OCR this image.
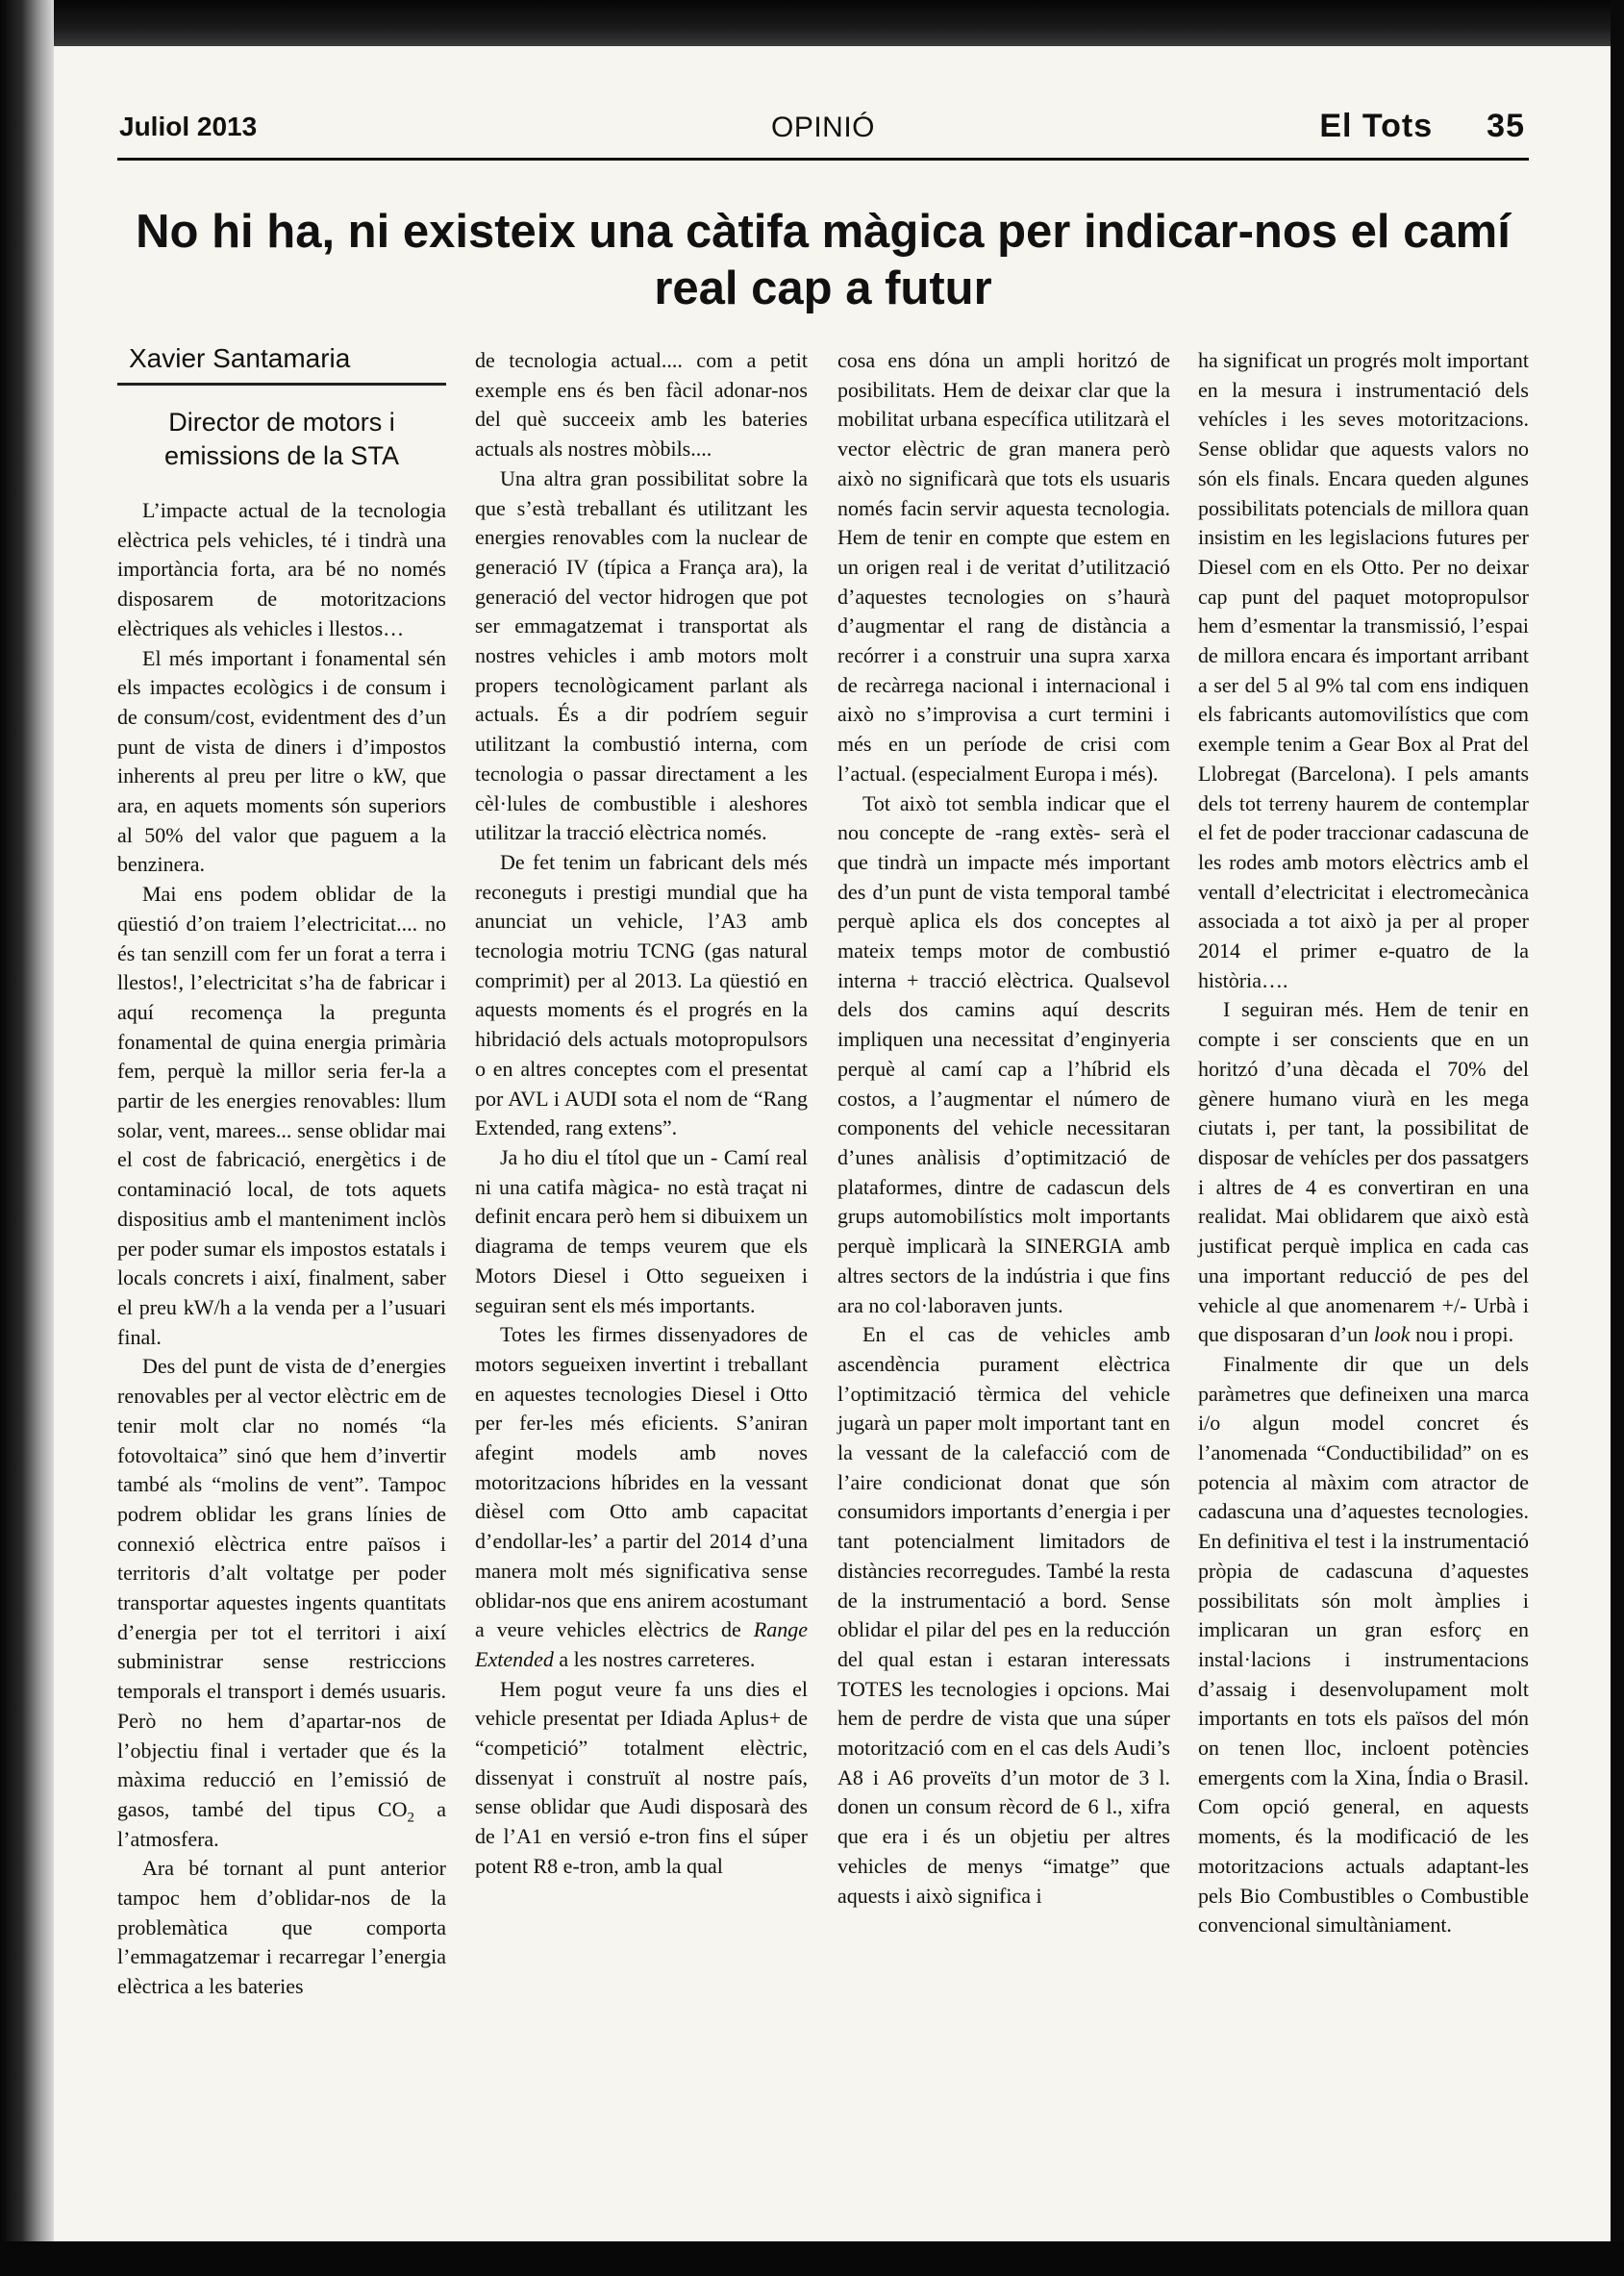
Juliol 2013	OPINIÓ	El Tots 35
No hi ha, ni existeix una càtifa màgica per indicar-nos el camí real cap a futur
Xavier Santamaria
Director de motors i emissions de la STA

L’impacte actual de la tecnologia elèctrica pels vehicles, té i tindrà una importància forta, ara bé no només disposarem de motoritzacions elèctriques als vehicles i llestos…

El més important i fonamental sén els impactes ecològics i de consum i de consum/cost, evidentment des d’un punt de vista de diners i d’impostos inherents al preu per litre o kW, que ara, en aquets moments són superiors al 50% del valor que paguem a la benzinera.

Mai ens podem oblidar de la qüestió d’on traiem l’electricitat.... no és tan senzill com fer un forat a terra i llestos!, l’electricitat s’ha de fabricar i aquí recomença la pregunta fonamental de quina energia primària fem, perquè la millor seria fer-la a partir de les energies renovables: llum solar, vent, marees... sense oblidar mai el cost de fabricació, energètics i de contaminació local, de tots aquets dispositius amb el manteniment inclòs per poder sumar els impostos estatals i locals concrets i així, finalment, saber el preu kW/h a la venda per a l’usuari final.

Des del punt de vista de d’energies renovables per al vector elèctric em de tenir molt clar no només “la fotovoltaica” sinó que hem d’invertir també als “molins de vent”. Tampoc podrem oblidar les grans línies de connexió elèctrica entre països i territoris d’alt voltatge per poder transportar aquestes ingents quantitats d’energia per tot el territori i així subministrar sense restriccions temporals el transport i demés usuaris. Però no hem d’apartar-nos de l’objectiu final i vertader que és la màxima reducció en l’emissió de gasos, també del tipus $CO_2$ a l’atmosfera.

Ara bé tornant al punt anterior tampoc hem d’oblidar-nos de la problemàtica que comporta l’emmagatzemar i recarregar l’energia elèctrica a les bateries

de tecnologia actual.... com a petit exemple ens és ben fàcil adonar-nos del què succeeix amb les bateries actuals als nostres mòbils....

Una altra gran possibilitat sobre la que s’està treballant és utilitzant les energies renovables com la nuclear de generació IV (típica a França ara), la generació del vector hidrogen que pot ser emmagatzemat i transportat als nostres vehicles i amb motors molt propers tecnològicament parlant als actuals. És a dir podríem seguir utilitzant la combustió interna, com tecnologia o passar directament a les cèl·lules de combustible i aleshores utilitzar la tracció elèctrica només.

De fet tenim un fabricant dels més reconeguts i prestigi mundial que ha anunciat un vehicle, l’A3 amb tecnologia motriu TCNG (gas natural comprimit) per al 2013. La qüestió en aquests moments és el progrés en la hibridació dels actuals motopropulsors o en altres conceptes com el presentat por AVL i AUDI sota el nom de “Rang Extended, rang extens”.

Ja ho diu el títol que un - Camí real ni una catifa màgica- no està traçat ni definit encara però hem si dibuixem un diagrama de temps veurem que els Motors Diesel i Otto segueixen i seguiran sent els més importants.

Totes les firmes dissenyadores de motors segueixen invertint i treballant en aquestes tecnologies Diesel i Otto per fer-les més eficients. S’aniran afegint models amb noves motoritzacions híbrides en la vessant dièsel com Otto amb capacitat d’endollar-les’ a partir del 2014 d’una manera molt més significativa sense oblidar-nos que ens anirem acostumant a veure vehicles elèctrics de Range Extended a les nostres carreteres.

Hem pogut veure fa uns dies el vehicle presentat per Idiada Aplus+ de “competició” totalment elèctric, dissenyat i construït al nostre país, sense oblidar que Audi disposarà des de l’A1 en versió e-tron fins el súper potent R8 e-tron, amb la qual

cosa ens dóna un ampli horitzó de posibilitats. Hem de deixar clar que la mobilitat urbana específica utilitzarà el vector elèctric de gran manera però això no significarà que tots els usuaris només facin servir aquesta tecnologia. Hem de tenir en compte que estem en un origen real i de veritat d’utilització d’aquestes tecnologies on s’haurà d’augmentar el rang de distància a recórrer i a construir una supra xarxa de recàrrega nacional i internacional i això no s’improvisa a curt termini i més en un període de crisi com l’actual. (especialment Europa i més).

Tot això tot sembla indicar que el nou concepte de -rang extès- serà el que tindrà un impacte més important des d’un punt de vista temporal també perquè aplica els dos conceptes al mateix temps motor de combustió interna + tracció elèctrica. Qualsevol dels dos camins aquí descrits impliquen una necessitat d’enginyeria perquè al camí cap a l’híbrid els costos, a l’augmentar el número de components del vehicle necessitaran d’unes anàlisis d’optimització de plataformes, dintre de cadascun dels grups automobilístics molt importants perquè implicarà la SINERGIA amb altres sectors de la indústria i que fins ara no col·laboraven junts.

En el cas de vehicles amb ascendència purament elèctrica l’optimització tèrmica del vehicle jugarà un paper molt important tant en la vessant de la calefacció com de l’aire condicionat donat que són consumidors importants d’energia i per tant potencialment limitadors de distàncies recorregudes. També la resta de la instrumentació a bord. Sense oblidar el pilar del pes en la reducción del qual estan i estaran interessats TOTES les tecnologies i opcions. Mai hem de perdre de vista que una súper motorització com en el cas dels Audi’s A8 i A6 proveïts d’un motor de 3 l. donen un consum rècord de 6 l., xifra que era i és un objetiu per altres vehicles de menys “imatge” que aquests i això significa i

ha significat un progrés molt important en la mesura i instrumentació dels vehícles i les seves motoritzacions. Sense oblidar que aquests valors no són els finals. Encara queden algunes possibilitats potencials de millora quan insistim en les legislacions futures per Diesel com en els Otto. Per no deixar cap punt del paquet motopropulsor hem d’esmentar la transmissió, l’espai de millora encara és important arribant a ser del 5 al 9% tal com ens indiquen els fabricants automovilístics que com exemple tenim a Gear Box al Prat del Llobregat (Barcelona). I pels amants dels tot terreny haurem de contemplar el fet de poder traccionar cadascuna de les rodes amb motors elèctrics amb el ventall d’electricitat i electromecànica associada a tot això ja per al proper 2014 el primer e-quatro de la història….

I seguiran més. Hem de tenir en compte i ser conscients que en un horitzó d’una dècada el 70% del gènere humano viurà en les mega ciutats i, per tant, la possibilitat de disposar de vehícles per dos passatgers i altres de 4 es convertiran en una realidat. Mai oblidarem que això està justificat perquè implica en cada cas una important reducció de pes del vehicle al que anomenarem +/- Urbà i que disposaran d’un look nou i propi.

Finalmente dir que un dels paràmetres que defineixen una marca i/o algun model concret és l’anomenada “Conductibilidad” on es potencia al màxim com atractor de cadascuna una d’aquestes tecnologies. En definitiva el test i la instrumentació pròpia de cadascuna d’aquestes possibilitats són molt àmplies i implicaran un gran esforç en instal·lacions i instrumentacions d’assaig i desenvolupament molt importants en tots els països del món on tenen lloc, incloent potències emergents com la Xina, Índia o Brasil. Com opció general, en aquests moments, és la modificació de les motoritzacions actuals adaptant-les pels Bio Combustibles o Combustible convencional simultàniament.
